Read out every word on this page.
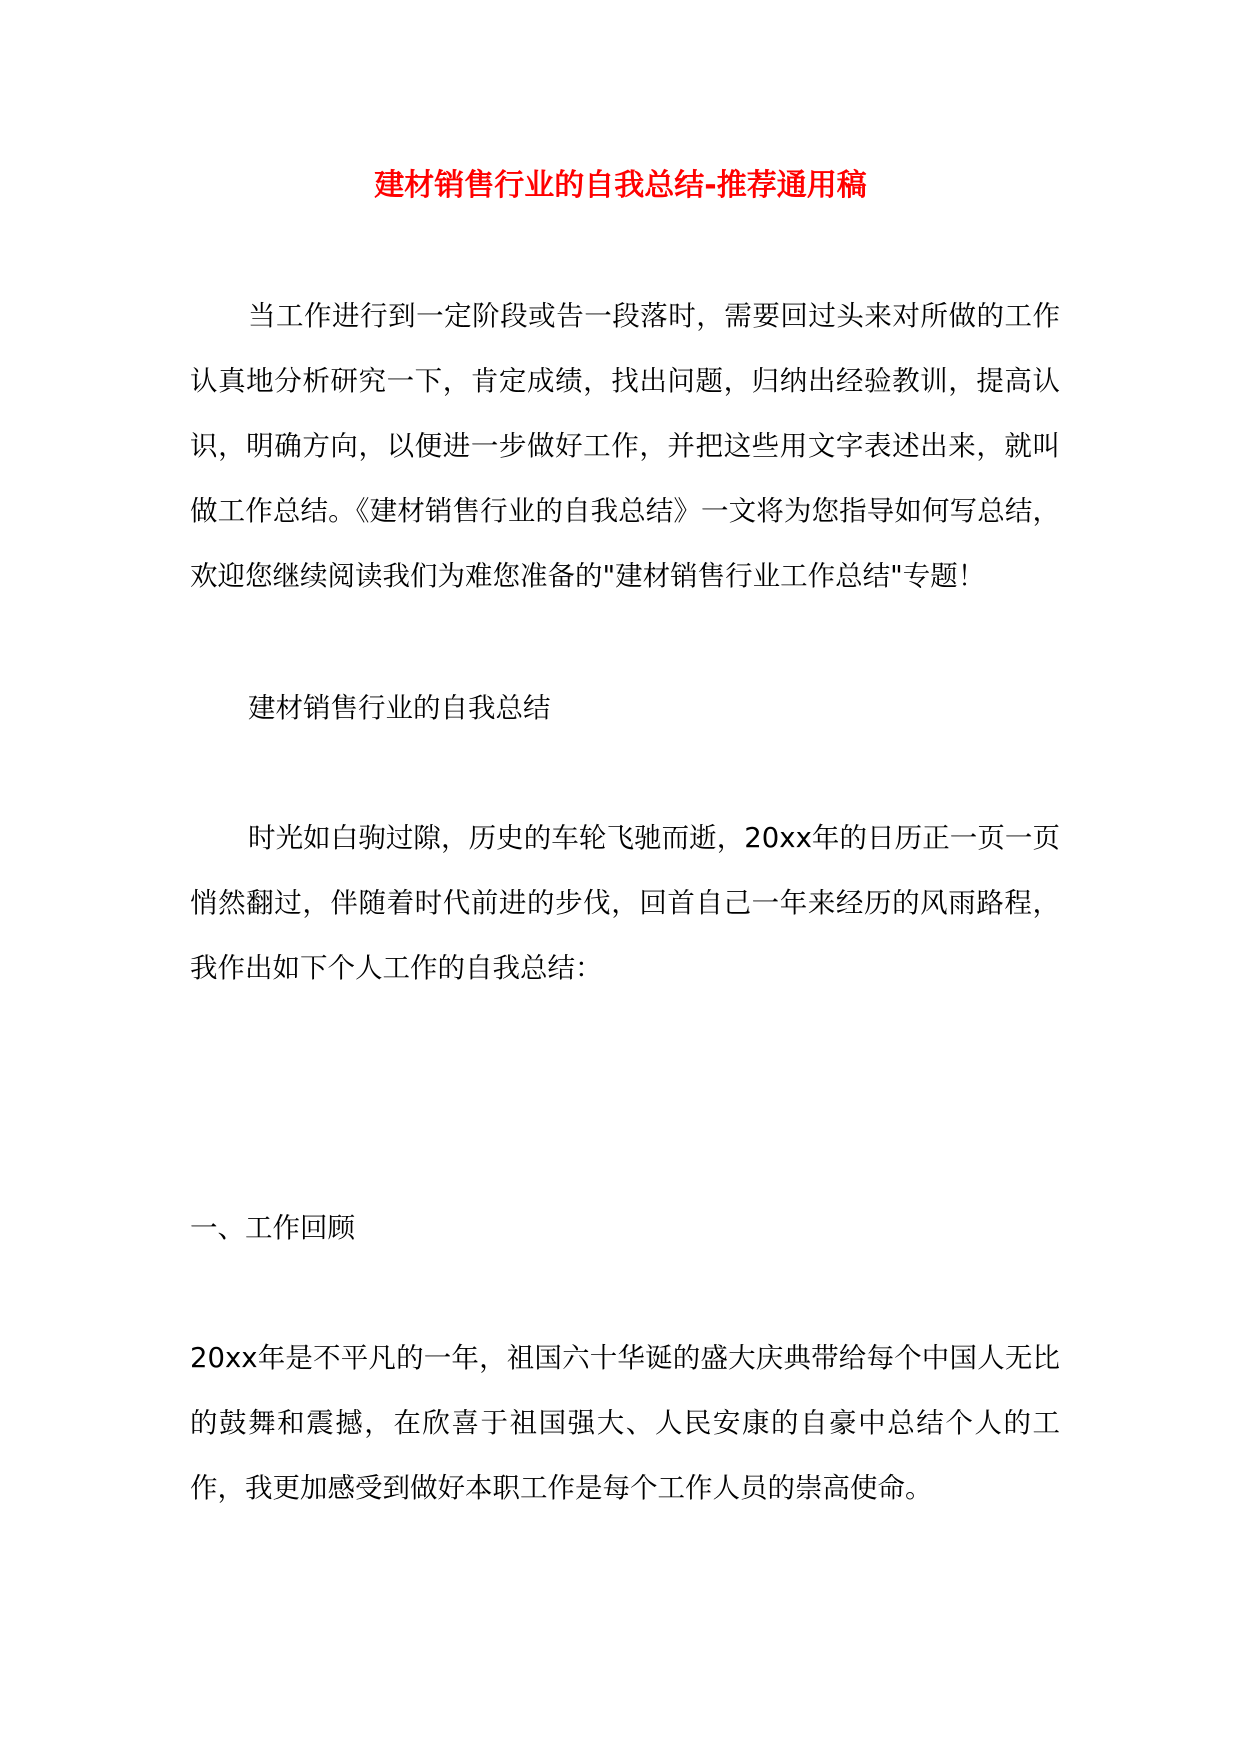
建材销售行业的自我总结-推荐通用稿

当工作进行到一定阶段或告一段落时，需要回过头来对所做的工作认真地分析研究一下，肯定成绩，找出问题，归纳出经验教训，提高认识，明确方向，以便进一步做好工作，并把这些用文字表述出来，就叫做工作总结。《建材销售行业的自我总结》一文将为您指导如何写总结，欢迎您继续阅读我们为难您准备的"建材销售行业工作总结"专题！

建材销售行业的自我总结

时光如白驹过隙，历史的车轮飞驰而逝，20xx年的日历正一页一页悄然翻过，伴随着时代前进的步伐，回首自己一年来经历的风雨路程，我作出如下个人工作的自我总结：

一、工作回顾

20xx年是不平凡的一年，祖国六十华诞的盛大庆典带给每个中国人无比的鼓舞和震撼，在欣喜于祖国强大、人民安康的自豪中总结个人的工作，我更加感受到做好本职工作是每个工作人员的崇高使命。
